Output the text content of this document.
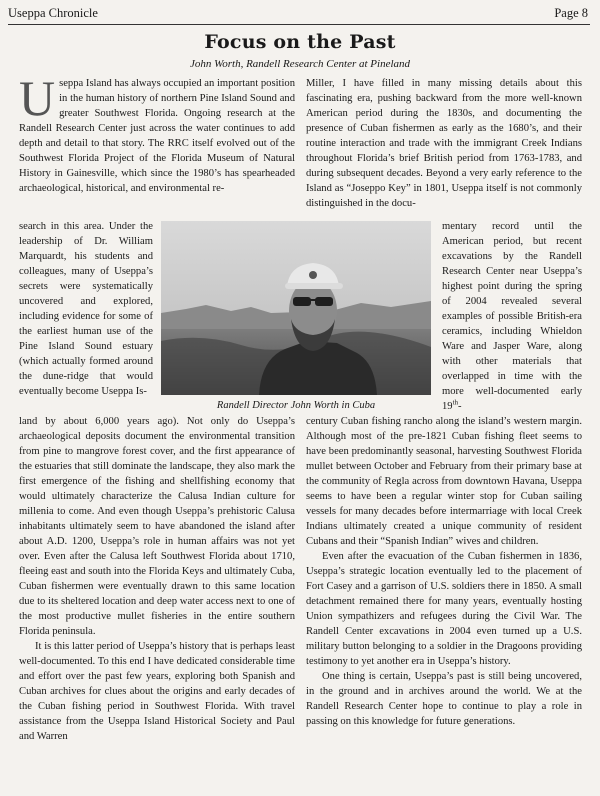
Useppa Chronicle	Page 8
Focus on the Past
John Worth, Randell Research Center at Pineland

Useppa Island has always occupied an important position in the human history of northern Pine Island Sound and greater Southwest Florida. Ongoing research at the Randell Research Center just across the water continues to add depth and detail to that story. The RRC itself evolved out of the Southwest Florida Project of the Florida Museum of Natural History in Gainesville, which since the 1980’s has spearheaded archaeological, historical, and environmental re-

search in this area. Under the leadership of Dr. William Marquardt, his students and colleagues, many of Useppa’s secrets were systematically uncovered and explored, including evidence for some of the earliest human use of the Pine Island Sound estuary (which actually formed around the dune-ridge that would eventually become Useppa Is-

land by about 6,000 years ago). Not only do Useppa’s archaeological deposits document the environmental transition from pine to mangrove forest cover, and the first appearance of the estuaries that still dominate the landscape, they also mark the first emergence of the fishing and shellfishing economy that would ultimately characterize the Calusa Indian culture for millenia to come. And even though Useppa’s prehistoric Calusa inhabitants ultimately seem to have abandoned the island after about A.D. 1200, Useppa’s role in human affairs was not yet over. Even after the Calusa left Southwest Florida about 1710, fleeing east and south into the Florida Keys and ultimately Cuba, Cuban fishermen were eventually drawn to this same location due to its sheltered location and deep water access next to one of the most productive mullet fisheries in the entire southern Florida peninsula.

It is this latter period of Useppa’s history that is perhaps least well-documented. To this end I have dedicated considerable time and effort over the past few years, exploring both Spanish and Cuban archives for clues about the origins and early decades of the Cuban fishing period in Southwest Florida. With travel assistance from the Useppa Island Historical Society and Paul and Warren

Randell Director John Worth in Cuba

Miller, I have filled in many missing details about this fascinating era, pushing backward from the more well-known American period during the 1830s, and documenting the presence of Cuban fishermen as early as the 1680’s, and their routine interaction and trade with the immigrant Creek Indians throughout Florida’s brief British period from 1763-1783, and during subsequent decades. Beyond a very early reference to the Island as “Joseppo Key” in 1801, Useppa itself is not commonly distinguished in the docu-

mentary record until the American period, but recent excavations by the Randell Research Center near Useppa’s highest point during the spring of 2004 revealed several examples of possible British-era ceramics, including Whieldon Ware and Jasper Ware, along with other materials that overlapped in time with the more well-documented early 19th-

century Cuban fishing rancho along the island’s western margin. Although most of the pre-1821 Cuban fishing fleet seems to have been predominantly seasonal, harvesting Southwest Florida mullet between October and February from their primary base at the community of Regla across from downtown Havana, Useppa seems to have been a regular winter stop for Cuban sailing vessels for many decades before intermarriage with local Creek Indians ultimately created a unique community of resident Cubans and their “Spanish Indian” wives and children.

Even after the evacuation of the Cuban fishermen in 1836, Useppa’s strategic location eventually led to the placement of Fort Casey and a garrison of U.S. soldiers there in 1850. A small detachment remained there for many years, eventually hosting Union sympathizers and refugees during the Civil War. The Randell Center excavations in 2004 even turned up a U.S. military button belonging to a soldier in the Dragoons providing testimony to yet another era in Useppa’s history.

One thing is certain, Useppa’s past is still being uncovered, in the ground and in archives around the world. We at the Randell Research Center hope to continue to play a role in passing on this knowledge for future generations.
